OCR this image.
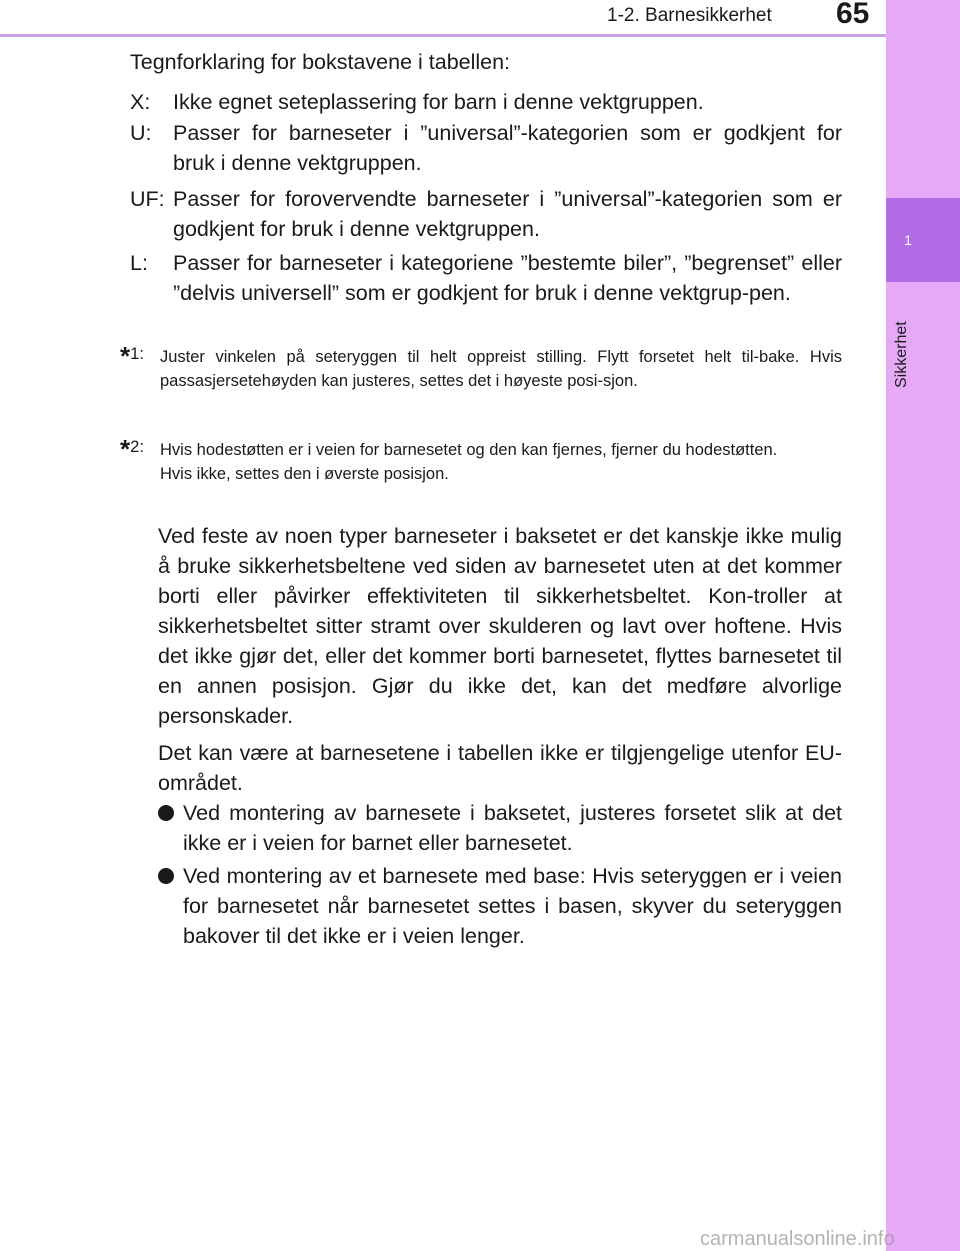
1-2. Barnesikkerhet 65
1
Sikkerhet
Tegnforklaring for bokstavene i tabellen:
X: Ikke egnet seteplassering for barn i denne vektgruppen.
U: Passer for barneseter i ”universal”-kategorien som er godkjent for bruk i denne vektgruppen.
UF: Passer for forovervendte barneseter i ”universal”-kategorien som er godkjent for bruk i denne vektgruppen.
L: Passer for barneseter i kategoriene ”bestemte biler”, ”begrenset” eller ”delvis universell” som er godkjent for bruk i denne vektgrup-pen.
*1: Juster vinkelen på seteryggen til helt oppreist stilling. Flytt forsetet helt til-bake. Hvis passasjersetehøyden kan justeres, settes det i høyeste posi-sjon.
*2: Hvis hodestøtten er i veien for barnesetet og den kan fjernes, fjerner du hodestøtten.
Hvis ikke, settes den i øverste posisjon.
Ved feste av noen typer barneseter i baksetet er det kanskje ikke mulig å bruke sikkerhetsbeltene ved siden av barnesetet uten at det kommer borti eller påvirker effektiviteten til sikkerhetsbeltet. Kon-troller at sikkerhetsbeltet sitter stramt over skulderen og lavt over hoftene. Hvis det ikke gjør det, eller det kommer borti barnesetet, flyttes barnesetet til en annen posisjon. Gjør du ikke det, kan det medføre alvorlige personskader.
Det kan være at barnesetene i tabellen ikke er tilgjengelige utenfor EU-området.
Ved montering av barnesete i baksetet, justeres forsetet slik at det ikke er i veien for barnet eller barnesetet.
Ved montering av et barnesete med base: Hvis seteryggen er i veien for barnesetet når barnesetet settes i basen, skyver du seteryggen bakover til det ikke er i veien lenger.
carmanualsonline.info
